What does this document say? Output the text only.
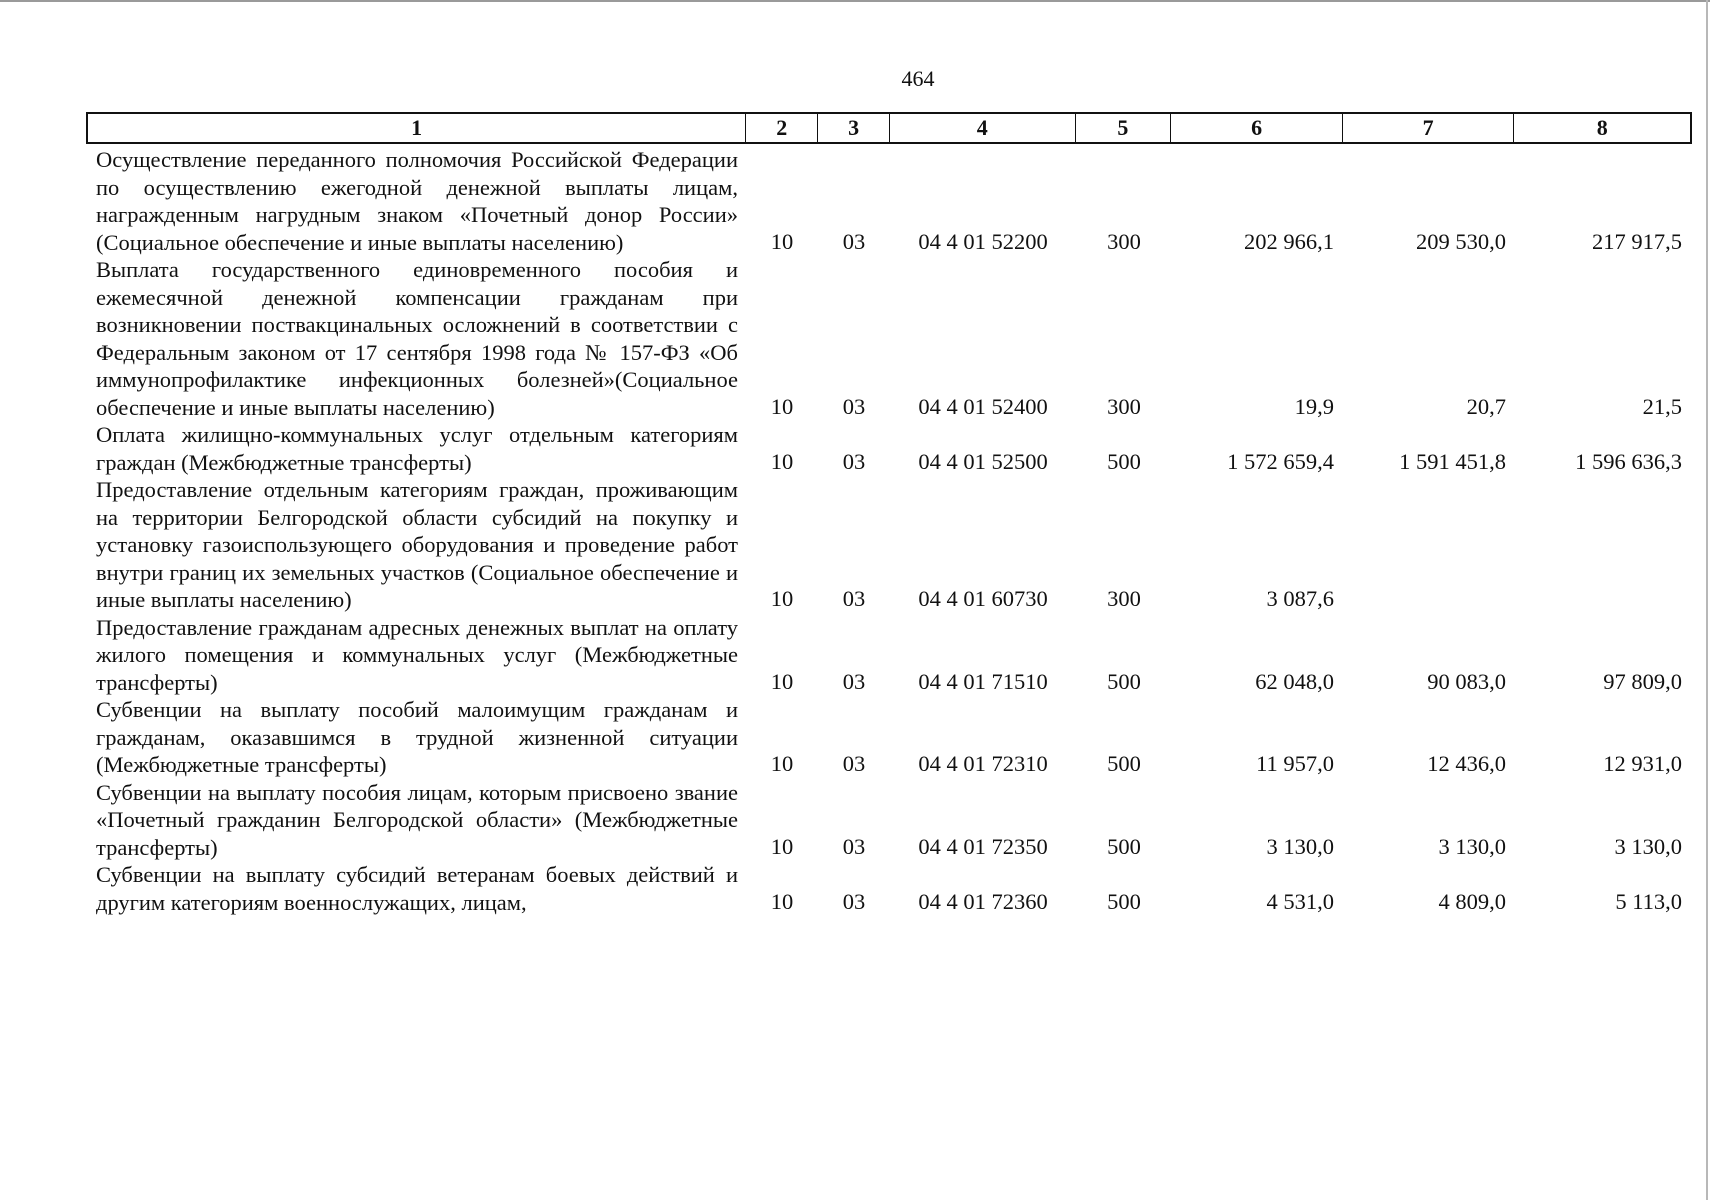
464
1	2	3	4	5	6	7	8
Осуществление переданного полномочия Российской Федерации по осуществлению ежегодной денежной выплаты лицам, награжденным нагрудным знаком «Почетный донор России» (Социальное обеспечение и иные выплаты населению)	10	03	04 4 01 52200	300	202 966,1	209 530,0	217 917,5
Выплата государственного единовременного пособия и ежемесячной денежной компенсации гражданам при возникновении поствакцинальных осложнений в соответствии с Федеральным законом от 17 сентября 1998 года № 157-ФЗ «Об иммунопрофилактике инфекционных болезней»(Социальное обеспечение и иные выплаты населению)	10	03	04 4 01 52400	300	19,9	20,7	21,5
Оплата жилищно-коммунальных услуг отдельным категориям граждан (Межбюджетные трансферты)	10	03	04 4 01 52500	500	1 572 659,4	1 591 451,8	1 596 636,3
Предоставление отдельным категориям граждан, проживающим на территории Белгородской области субсидий на покупку и установку газоиспользующего оборудования и проведение работ внутри границ их земельных участков (Социальное обеспечение и иные выплаты населению)	10	03	04 4 01 60730	300	3 087,6
Предоставление гражданам адресных денежных выплат на оплату жилого помещения и коммунальных услуг (Межбюджетные трансферты)	10	03	04 4 01 71510	500	62 048,0	90 083,0	97 809,0
Субвенции на выплату пособий малоимущим гражданам и гражданам, оказавшимся в трудной жизненной ситуации (Межбюджетные трансферты)	10	03	04 4 01 72310	500	11 957,0	12 436,0	12 931,0
Субвенции на выплату пособия лицам, которым присвоено звание «Почетный гражданин Белгородской области» (Межбюджетные трансферты)	10	03	04 4 01 72350	500	3 130,0	3 130,0	3 130,0
Субвенции на выплату субсидий ветеранам боевых действий и другим категориям военнослужащих, лицам,	10	03	04 4 01 72360	500	4 531,0	4 809,0	5 113,0
